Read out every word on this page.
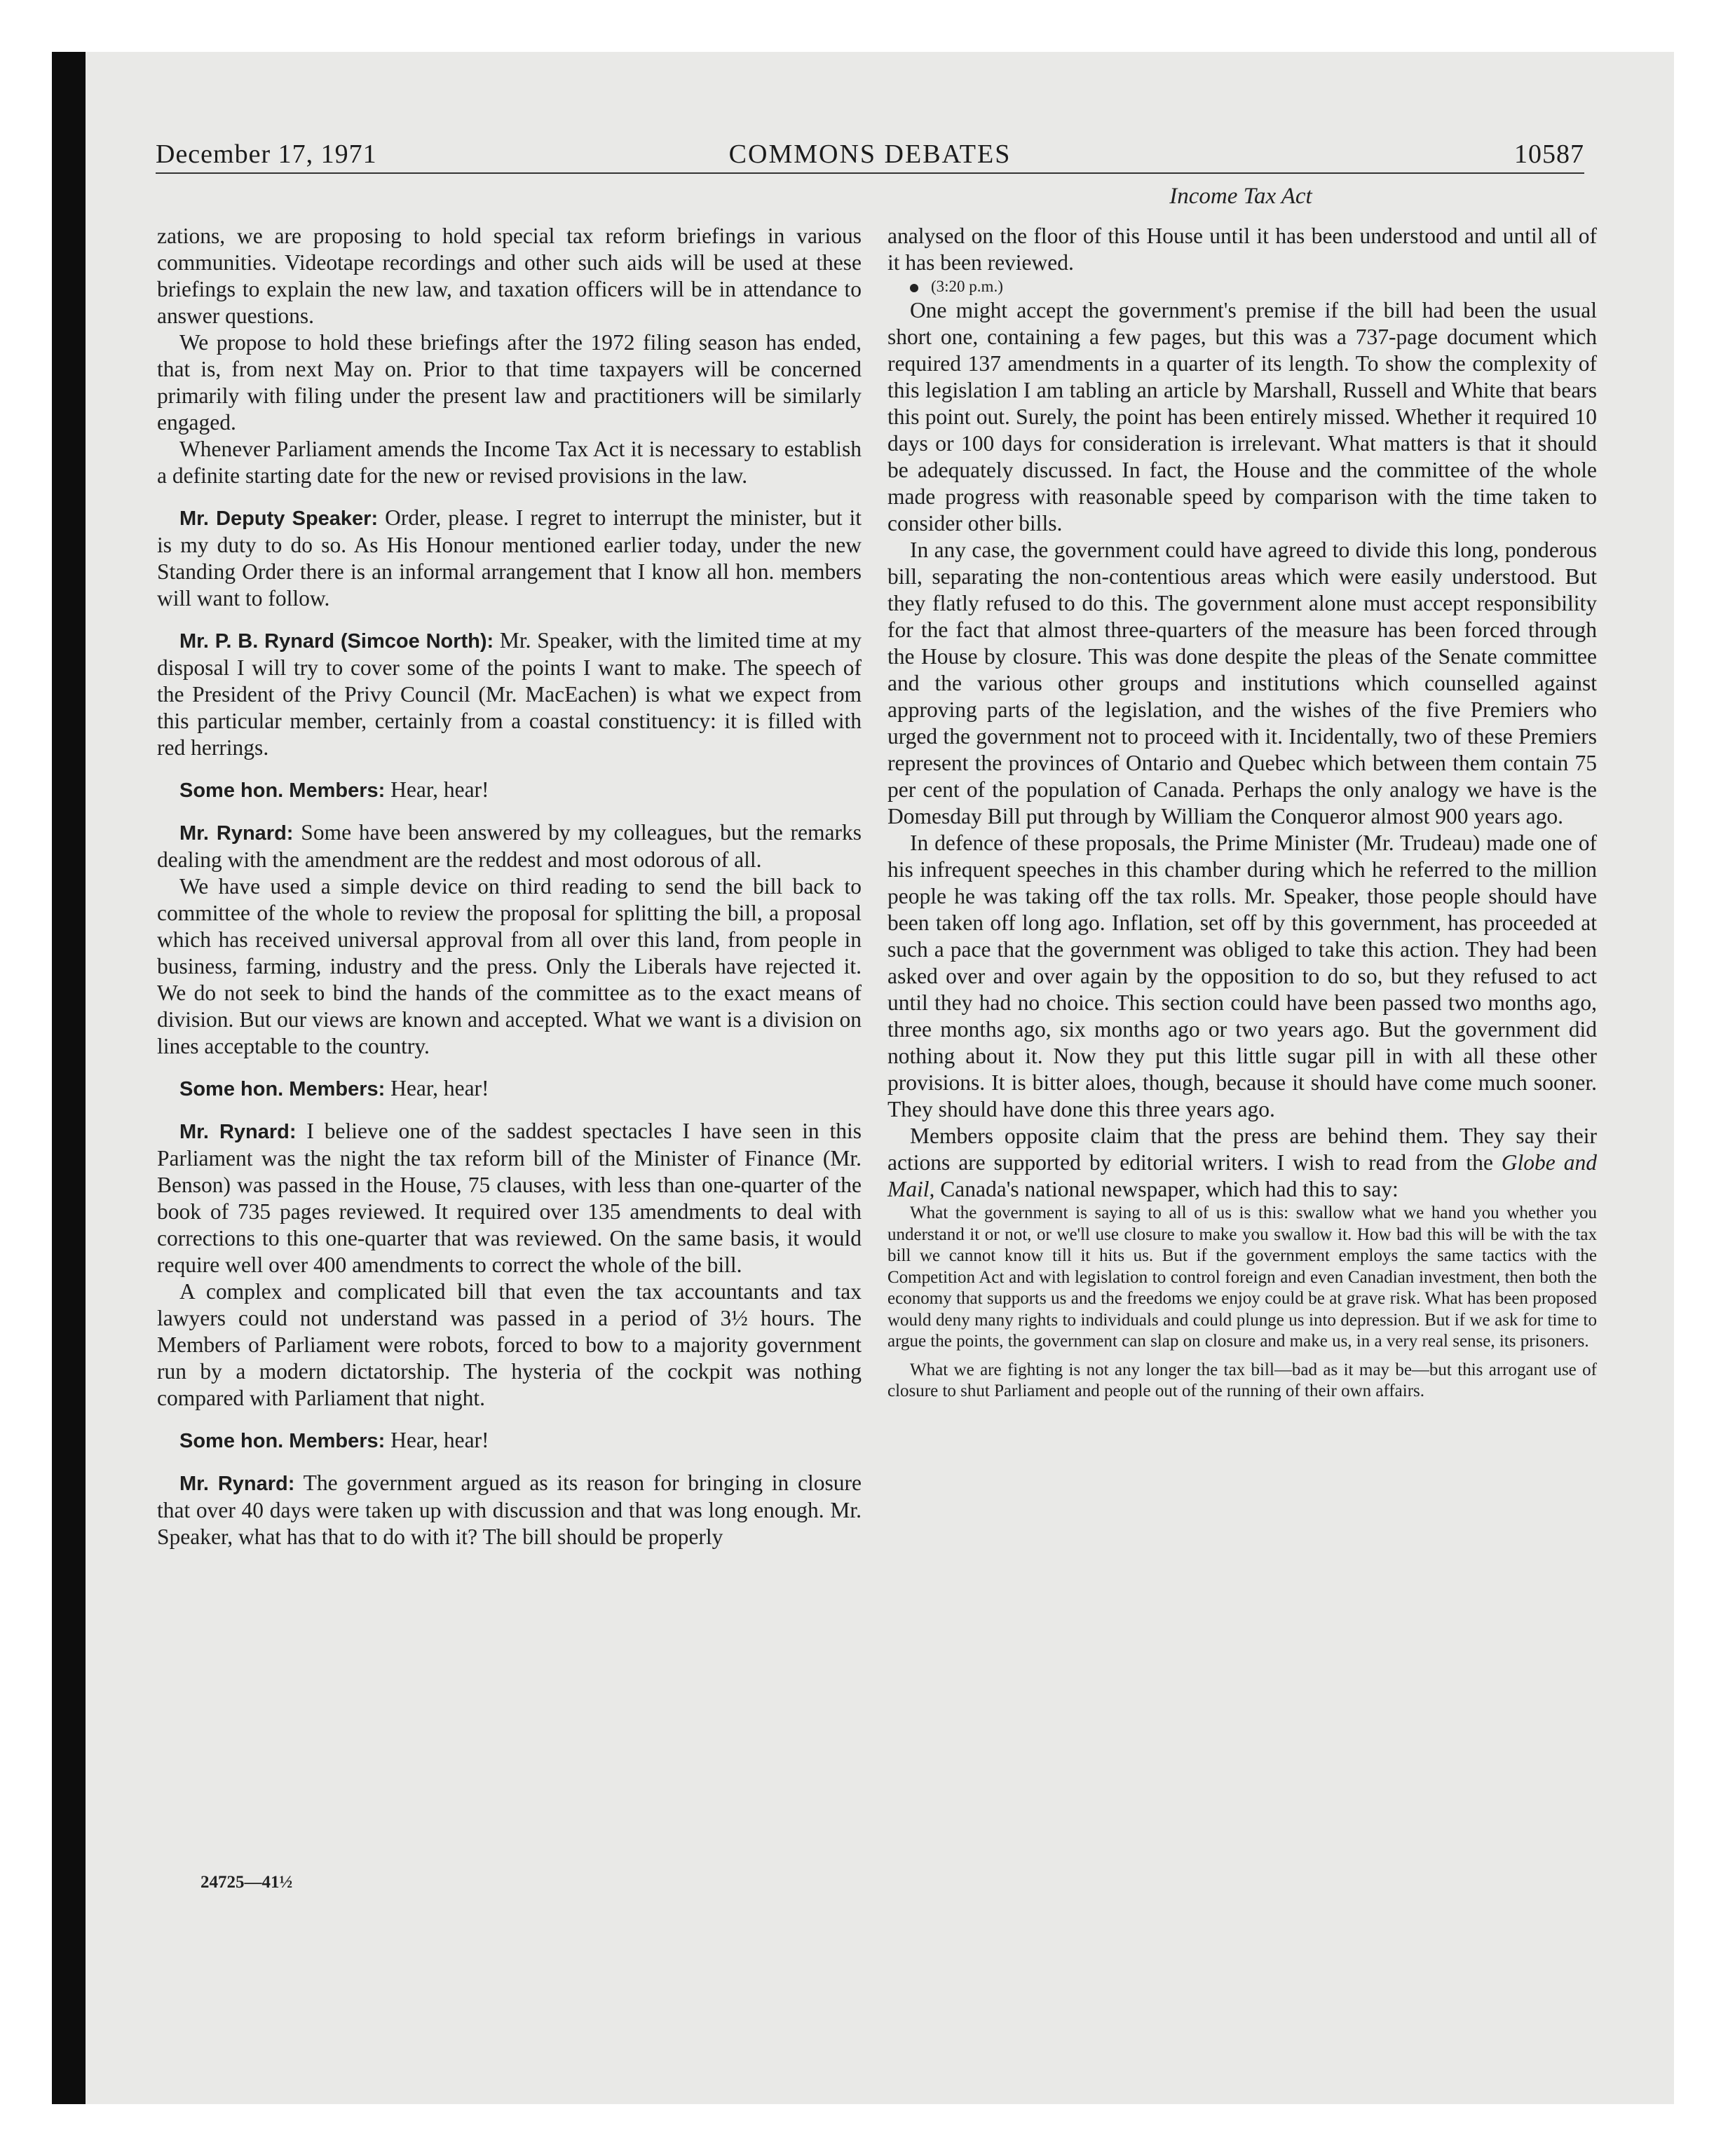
December 17, 1971	COMMONS DEBATES	10587
Income Tax Act

zations, we are proposing to hold special tax reform briefings in various communities. Videotape recordings and other such aids will be used at these briefings to explain the new law, and taxation officers will be in attendance to answer questions.

We propose to hold these briefings after the 1972 filing season has ended, that is, from next May on. Prior to that time taxpayers will be concerned primarily with filing under the present law and practitioners will be similarly engaged.

Whenever Parliament amends the Income Tax Act it is necessary to establish a definite starting date for the new or revised provisions in the law.

Mr. Deputy Speaker: Order, please. I regret to interrupt the minister, but it is my duty to do so. As His Honour mentioned earlier today, under the new Standing Order there is an informal arrangement that I know all hon. members will want to follow.

Mr. P. B. Rynard (Simcoe North): Mr. Speaker, with the limited time at my disposal I will try to cover some of the points I want to make. The speech of the President of the Privy Council (Mr. MacEachen) is what we expect from this particular member, certainly from a coastal constituency: it is filled with red herrings.

Some hon. Members: Hear, hear!

Mr. Rynard: Some have been answered by my colleagues, but the remarks dealing with the amendment are the reddest and most odorous of all.

We have used a simple device on third reading to send the bill back to committee of the whole to review the proposal for splitting the bill, a proposal which has received universal approval from all over this land, from people in business, farming, industry and the press. Only the Liberals have rejected it. We do not seek to bind the hands of the committee as to the exact means of division. But our views are known and accepted. What we want is a division on lines acceptable to the country.

Some hon. Members: Hear, hear!

Mr. Rynard: I believe one of the saddest spectacles I have seen in this Parliament was the night the tax reform bill of the Minister of Finance (Mr. Benson) was passed in the House, 75 clauses, with less than one-quarter of the book of 735 pages reviewed. It required over 135 amendments to deal with corrections to this one-quarter that was reviewed. On the same basis, it would require well over 400 amendments to correct the whole of the bill.

A complex and complicated bill that even the tax accountants and tax lawyers could not understand was passed in a period of 3½ hours. The Members of Parliament were robots, forced to bow to a majority government run by a modern dictatorship. The hysteria of the cockpit was nothing compared with Parliament that night.

Some hon. Members: Hear, hear!

Mr. Rynard: The government argued as its reason for bringing in closure that over 40 days were taken up with discussion and that was long enough. Mr. Speaker, what has that to do with it? The bill should be properly

24725—41½

analysed on the floor of this House until it has been understood and until all of it has been reviewed.

(3:20 p.m.)

One might accept the government's premise if the bill had been the usual short one, containing a few pages, but this was a 737-page document which required 137 amendments in a quarter of its length. To show the complexity of this legislation I am tabling an article by Marshall, Russell and White that bears this point out. Surely, the point has been entirely missed. Whether it required 10 days or 100 days for consideration is irrelevant. What matters is that it should be adequately discussed. In fact, the House and the committee of the whole made progress with reasonable speed by comparison with the time taken to consider other bills.

In any case, the government could have agreed to divide this long, ponderous bill, separating the non-contentious areas which were easily understood. But they flatly refused to do this. The government alone must accept responsibility for the fact that almost three-quarters of the measure has been forced through the House by closure. This was done despite the pleas of the Senate committee and the various other groups and institutions which counselled against approving parts of the legislation, and the wishes of the five Premiers who urged the government not to proceed with it. Incidentally, two of these Premiers represent the provinces of Ontario and Quebec which between them contain 75 per cent of the population of Canada. Perhaps the only analogy we have is the Domesday Bill put through by William the Conqueror almost 900 years ago.

In defence of these proposals, the Prime Minister (Mr. Trudeau) made one of his infrequent speeches in this chamber during which he referred to the million people he was taking off the tax rolls. Mr. Speaker, those people should have been taken off long ago. Inflation, set off by this government, has proceeded at such a pace that the government was obliged to take this action. They had been asked over and over again by the opposition to do so, but they refused to act until they had no choice. This section could have been passed two months ago, three months ago, six months ago or two years ago. But the government did nothing about it. Now they put this little sugar pill in with all these other provisions. It is bitter aloes, though, because it should have come much sooner. They should have done this three years ago.

Members opposite claim that the press are behind them. They say their actions are supported by editorial writers. I wish to read from the Globe and Mail, Canada's national newspaper, which had this to say:

What the government is saying to all of us is this: swallow what we hand you whether you understand it or not, or we'll use closure to make you swallow it. How bad this will be with the tax bill we cannot know till it hits us. But if the government employs the same tactics with the Competition Act and with legislation to control foreign and even Canadian investment, then both the economy that supports us and the freedoms we enjoy could be at grave risk. What has been proposed would deny many rights to individuals and could plunge us into depression. But if we ask for time to argue the points, the government can slap on closure and make us, in a very real sense, its prisoners.

What we are fighting is not any longer the tax bill—bad as it may be—but this arrogant use of closure to shut Parliament and people out of the running of their own affairs.
